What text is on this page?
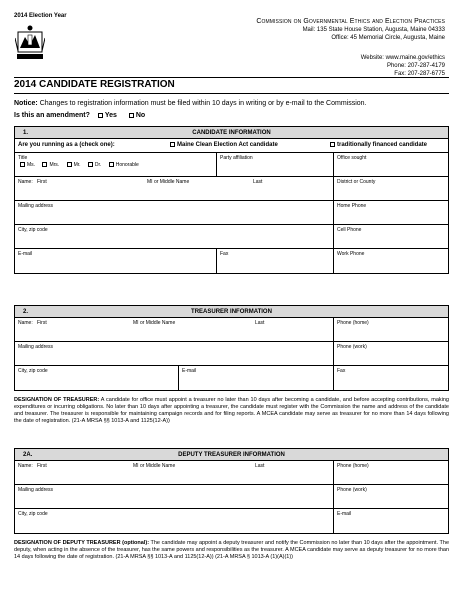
2014 Election Year
Commission on Governmental Ethics and Election Practices
Mail: 135 State House Station, Augusta, Maine 04333
Office: 45 Memorial Circle, Augusta, Maine
Website: www.maine.gov/ethics
Phone: 207-287-4179
Fax: 207-287-6775
2014 CANDIDATE REGISTRATION
Notice: Changes to registration information must be filed within 10 days in writing or by e-mail to the Commission.
Is this an amendment? Yes	No
1.	CANDIDATE INFORMATION
Are you running as a (check one):	Maine Clean Election Act candidate	traditionally financed candidate
Title
Ms.	Mrs.	Mr.	Dr.	Honorable
Party affiliation	Office sought
Name: First	MI or Middle Name	Last	District or County
Mailing address	Home Phone
City, zip code	Cell Phone
E-mail	Fax	Work Phone
2.	TREASURER INFORMATION
Name: First	MI or Middle Name	Last	Phone (home)
Mailing address	Phone (work)
City, zip code	E-mail	Fax
DESIGNATION OF TREASURER: A candidate for office must appoint a treasurer no later than 10 days after becoming a candidate, and before accepting contributions, making expenditures or incurring obligations. No later than 10 days after appointing a treasurer, the candidate must register with the Commission the name and address of the candidate and treasurer. The treasurer is responsible for maintaining campaign records and for filing reports. A MCEA candidate may serve as treasurer for no more than 14 days following the date of registration. (21-A MRSA §§ 1013-A and 1125(12-A))
2A.	DEPUTY TREASURER INFORMATION
Name: First	MI or Middle Name	Last	Phone (home)
Mailing address	Phone (work)
City, zip code	E-mail
DESIGNATION OF DEPUTY TREASURER (optional): The candidate may appoint a deputy treasurer and notify the Commission no later than 10 days after the appointment. The deputy, when acting in the absence of the treasurer, has the same powers and responsibilities as the treasurer. A MCEA candidate may serve as deputy treasurer for no more than 14 days following the date of registration. (21-A MRSA §§ 1013-A and 1125(12-A)) (21-A MRSA § 1013-A (1)(A)(1))
